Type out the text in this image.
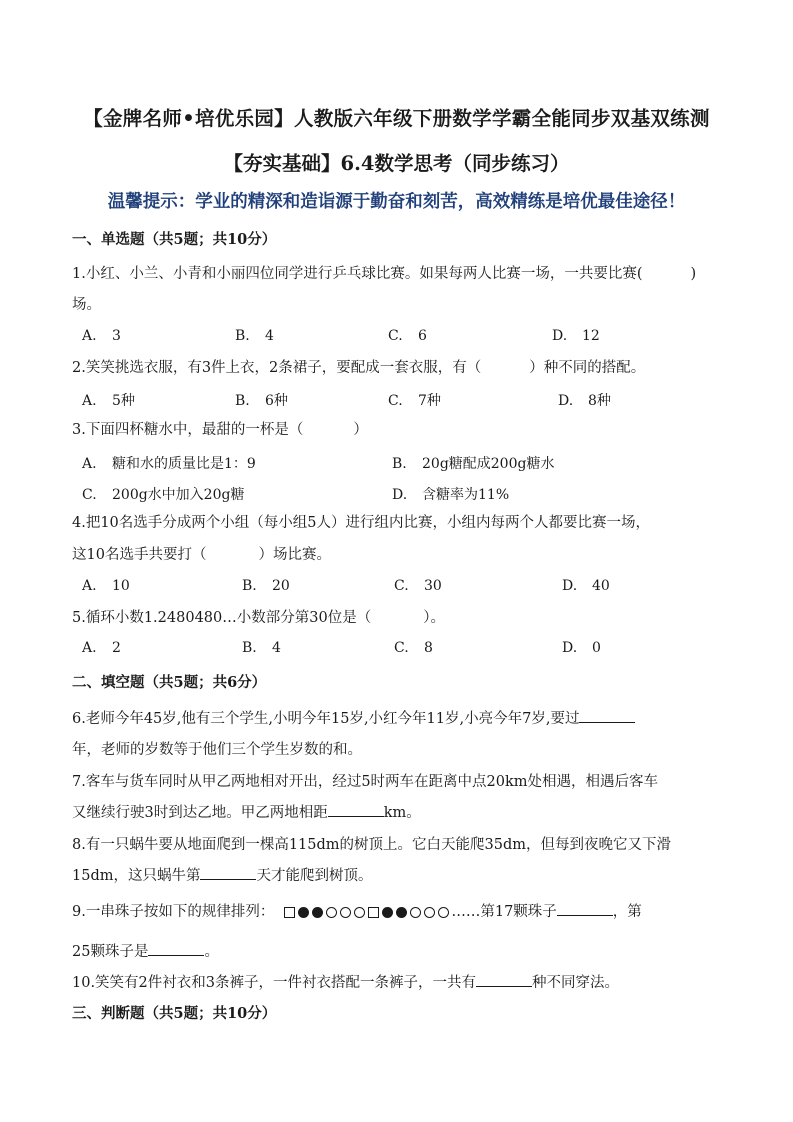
【金牌名师•培优乐园】人教版六年级下册数学学霸全能同步双基双练测
【夯实基础】6.4数学思考（同步练习）
温馨提示：学业的精深和造诣源于勤奋和刻苦，高效精练是培优最佳途径！
一、单选题（共5题；共10分）
1.小红、小兰、小青和小丽四位同学进行乒乓球比赛。如果每两人比赛一场，一共要比赛(	)
场。
A. 3	B. 4	C. 6	D. 12
2.笑笑挑选衣服，有3件上衣，2条裙子，要配成一套衣服，有（	）种不同的搭配。
A. 5种	B. 6种	C. 7种	D. 8种
3.下面四杯糖水中，最甜的一杯是（	）
A. 糖和水的质量比是1：9	B. 20g糖配成200g糖水
C. 200g水中加入20g糖	D. 含糖率为11%
4.把10名选手分成两个小组（每小组5人）进行组内比赛，小组内每两个人都要比赛一场，
这10名选手共要打（	）场比赛。
A. 10	B. 20	C. 30	D. 40
5.循环小数1.2480480…小数部分第30位是（	）。
A. 2	B. 4	C. 8	D. 0
二、填空题（共5题；共6分）
6.老师今年45岁,他有三个学生,小明今年15岁,小红今年11岁,小亮今年7岁,要过
年，老师的岁数等于他们三个学生岁数的和。
7.客车与货车同时从甲乙两地相对开出，经过5时两车在距离中点20km处相遇，相遇后客车
又继续行驶3时到达乙地。甲乙两地相距	km。
8.有一只蜗牛要从地面爬到一棵高115dm的树顶上。它白天能爬35dm，但每到夜晚它又下滑
15dm，这只蜗牛第	天才能爬到树顶。
9.一串珠子按如下的规律排列：	……第17颗珠子	，第
25颗珠子是	。
10.笑笑有2件衬衣和3条裤子，一件衬衣搭配一条裤子，一共有	种不同穿法。
三、判断题（共5题；共10分）
